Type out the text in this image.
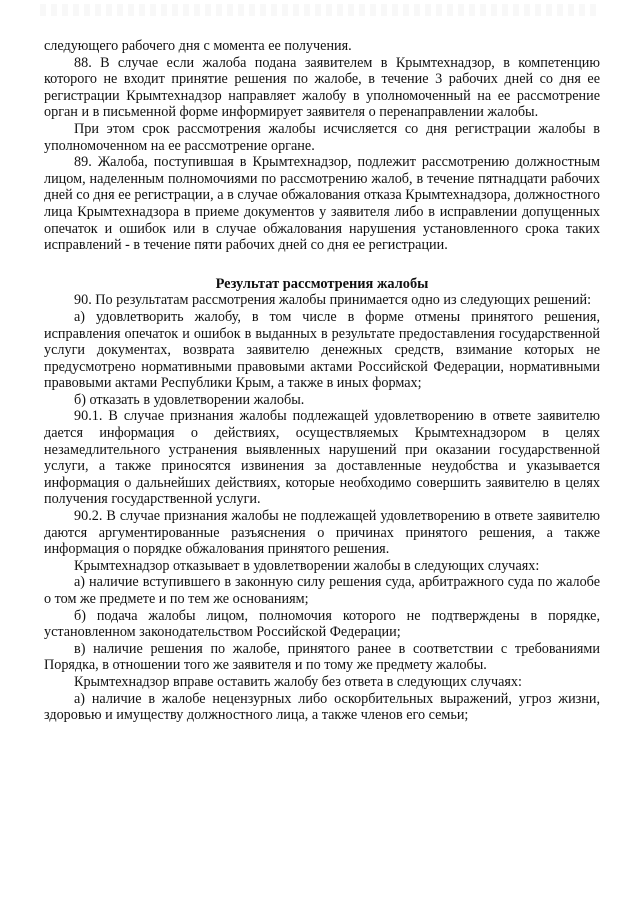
следующего рабочего дня с момента ее получения.

88. В случае если жалоба подана заявителем в Крымтехнадзор, в компетенцию которого не входит принятие решения по жалобе, в течение 3 рабочих дней со дня ее регистрации Крымтехнадзор направляет жалобу в уполномоченный на ее рассмотрение орган и в письменной форме информирует заявителя о перенаправлении жалобы.

При этом срок рассмотрения жалобы исчисляется со дня регистрации жалобы в уполномоченном на ее рассмотрение органе.

89. Жалоба, поступившая в Крымтехнадзор, подлежит рассмотрению должностным лицом, наделенным полномочиями по рассмотрению жалоб, в течение пятнадцати рабочих дней со дня ее регистрации, а в случае обжалования отказа Крымтехнадзора, должностного лица Крымтехнадзора в приеме документов у заявителя либо в исправлении допущенных опечаток и ошибок или в случае обжалования нарушения установленного срока таких исправлений - в течение пяти рабочих дней со дня ее регистрации.

Результат рассмотрения жалобы

90. По результатам рассмотрения жалобы принимается одно из следующих решений:

а) удовлетворить жалобу, в том числе в форме отмены принятого решения, исправления опечаток и ошибок в выданных в результате предоставления государственной услуги документах, возврата заявителю денежных средств, взимание которых не предусмотрено нормативными правовыми актами Российской Федерации, нормативными правовыми актами Республики Крым, а также в иных формах;

б) отказать в удовлетворении жалобы.

90.1. В случае признания жалобы подлежащей удовлетворению в ответе заявителю дается информация о действиях, осуществляемых Крымтехнадзором в целях незамедлительного устранения выявленных нарушений при оказании государственной услуги, а также приносятся извинения за доставленные неудобства и указывается информация о дальнейших действиях, которые необходимо совершить заявителю в целях получения государственной услуги.

90.2. В случае признания жалобы не подлежащей удовлетворению в ответе заявителю даются аргументированные разъяснения о причинах принятого решения, а также информация о порядке обжалования принятого решения.

Крымтехнадзор отказывает в удовлетворении жалобы в следующих случаях:

а) наличие вступившего в законную силу решения суда, арбитражного суда по жалобе о том же предмете и по тем же основаниям;

б) подача жалобы лицом, полномочия которого не подтверждены в порядке, установленном законодательством Российской Федерации;

в) наличие решения по жалобе, принятого ранее в соответствии с требованиями Порядка, в отношении того же заявителя и по тому же предмету жалобы.

Крымтехнадзор вправе оставить жалобу без ответа в следующих случаях:

а) наличие в жалобе нецензурных либо оскорбительных выражений, угроз жизни, здоровью и имуществу должностного лица, а также членов его семьи;
